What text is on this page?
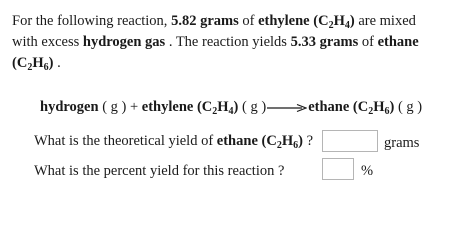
For the following reaction, 5.82 grams of ethylene $(C_2H_4)$ are mixed
with excess hydrogen gas . The reaction yields 5.33 grams of ethane
$(C_2H_6)$ .
hydrogen ( g ) + ethylene $(C_2H_4)$ ( g )→ethane $(C_2H_6)$ ( g )
What is the theoretical yield of ethane $(C_2H_6)$ ?	grams
What is the percent yield for this reaction ?	%
